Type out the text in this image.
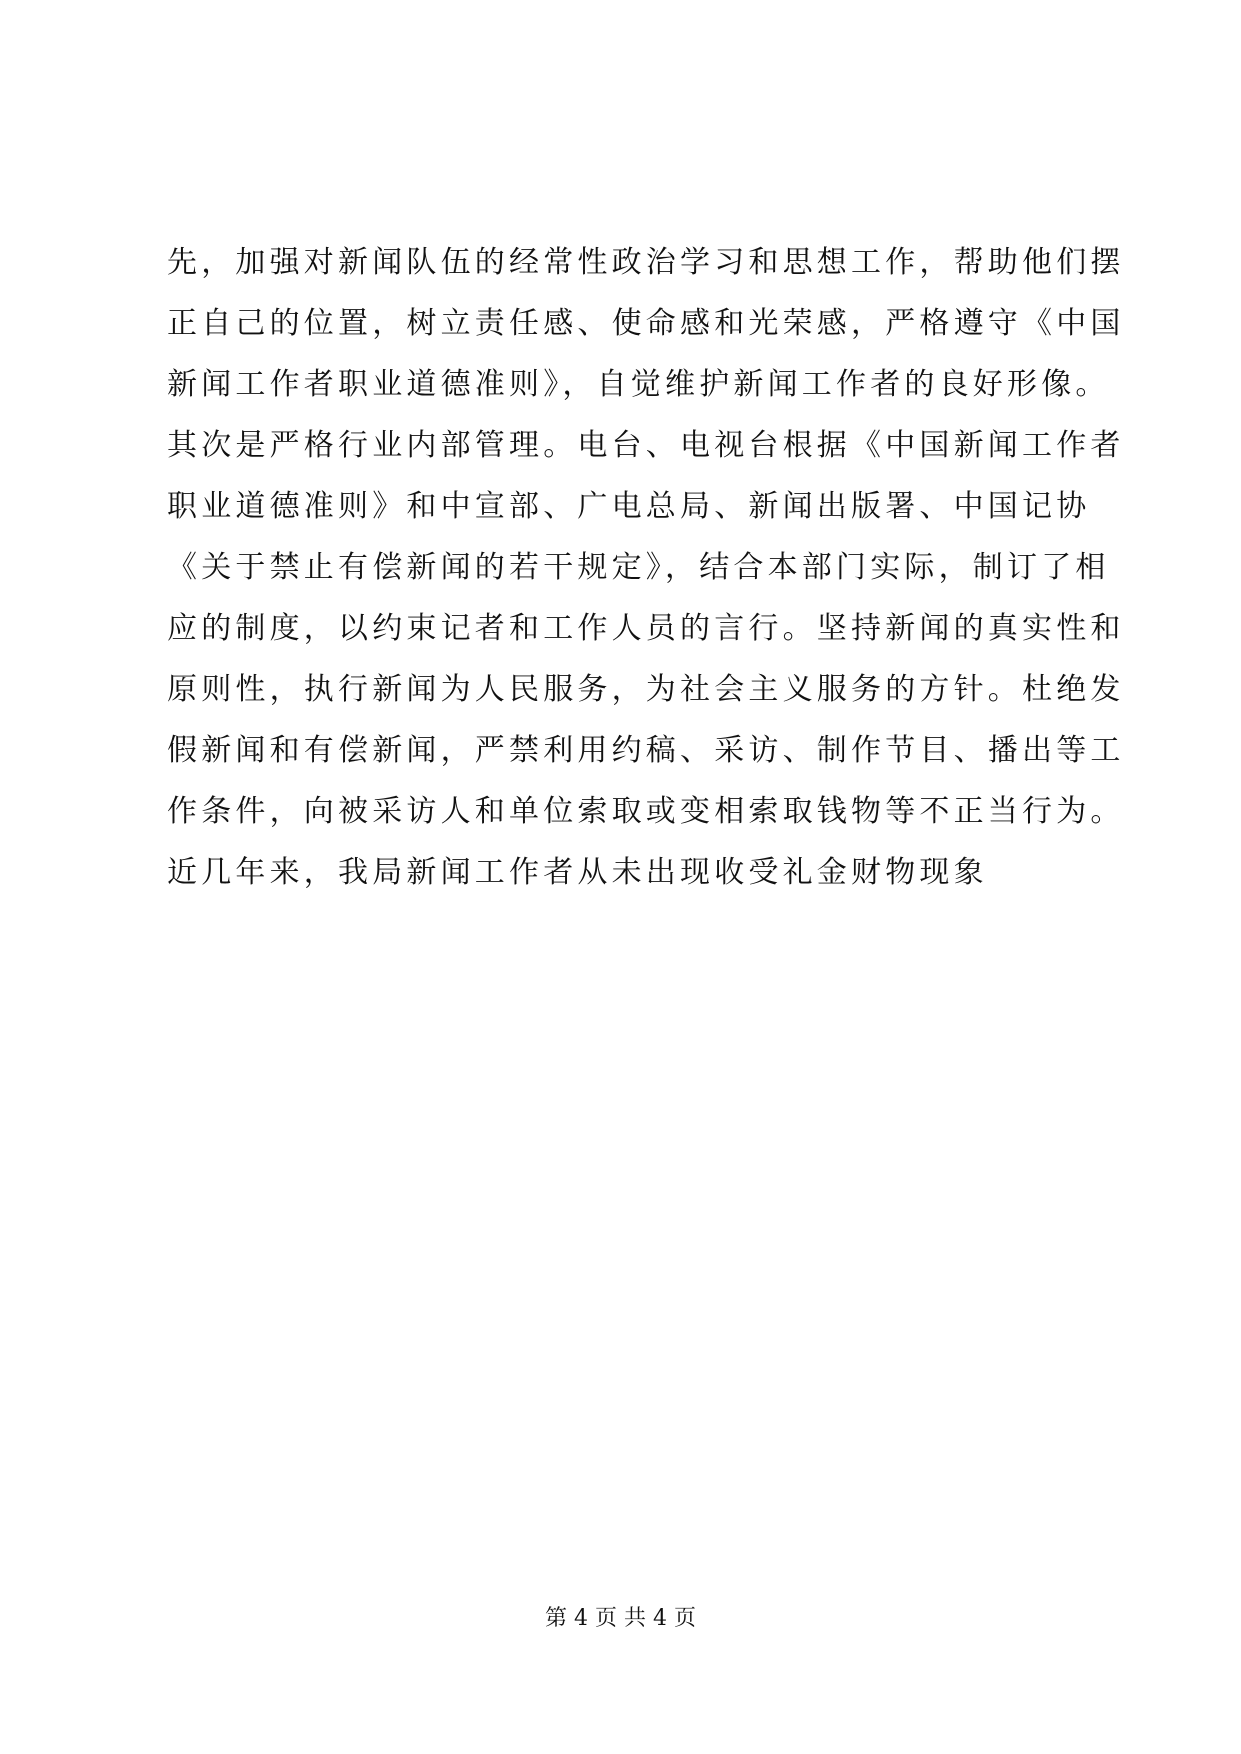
先，加强对新闻队伍的经常性政治学习和思想工作，帮助他们摆
正自己的位置，树立责任感、使命感和光荣感，严格遵守《中国
新闻工作者职业道德准则》，自觉维护新闻工作者的良好形像。
其次是严格行业内部管理。电台、电视台根据《中国新闻工作者
职业道德准则》和中宣部、广电总局、新闻出版署、中国记协
《关于禁止有偿新闻的若干规定》，结合本部门实际，制订了相
应的制度，以约束记者和工作人员的言行。坚持新闻的真实性和
原则性，执行新闻为人民服务，为社会主义服务的方针。杜绝发
假新闻和有偿新闻，严禁利用约稿、采访、制作节目、播出等工
作条件，向被采访人和单位索取或变相索取钱物等不正当行为。
近几年来，我局新闻工作者从未出现收受礼金财物现象
第 4 页 共 4 页
